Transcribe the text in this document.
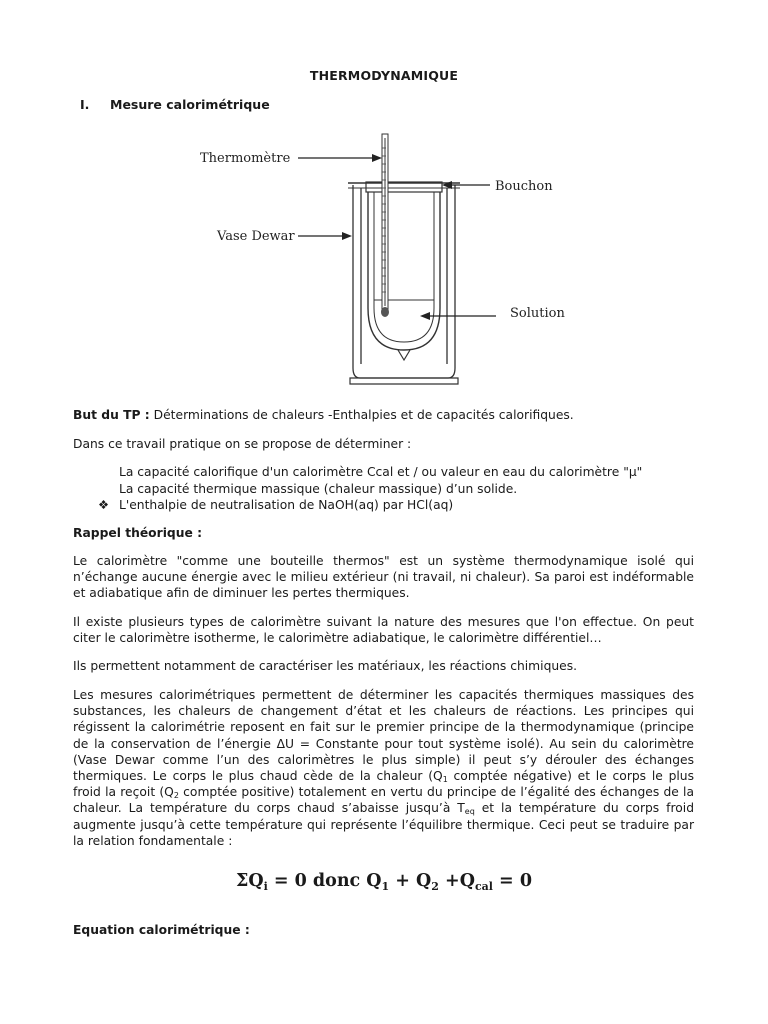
THERMODYNAMIQUE
I. Mesure calorimétrique
Thermomètre
Bouchon
Vase Dewar
Solution
But du TP : Déterminations de chaleurs -Enthalpies et de capacités calorifiques.
Dans ce travail pratique on se propose de déterminer :
La capacité calorifique d'un calorimètre Ccal et / ou valeur en eau du calorimètre "µ"
La capacité thermique massique (chaleur massique) d’un solide.
❖ L'enthalpie de neutralisation de NaOH(aq) par HCl(aq)
Rappel théorique :
Le calorimètre "comme une bouteille thermos" est un système thermodynamique isolé qui n’échange aucune énergie avec le milieu extérieur (ni travail, ni chaleur). Sa paroi est indéformable et adiabatique afin de diminuer les pertes thermiques.
Il existe plusieurs types de calorimètre suivant la nature des mesures que l'on effectue. On peut citer le calorimètre isotherme, le calorimètre adiabatique, le calorimètre différentiel…
Ils permettent notamment de caractériser les matériaux, les réactions chimiques.
Les mesures calorimétriques permettent de déterminer les capacités thermiques massiques des substances, les chaleurs de changement d’état et les chaleurs de réactions. Les principes qui régissent la calorimétrie reposent en fait sur le premier principe de la thermodynamique (principe de la conservation de l’énergie ΔU = Constante pour tout système isolé). Au sein du calorimètre (Vase Dewar comme l’un des calorimètres le plus simple) il peut s’y dérouler des échanges thermiques. Le corps le plus chaud cède de la chaleur ($Q_1$ comptée négative) et le corps le plus froid la reçoit ($Q_2$ comptée positive) totalement en vertu du principe de l’égalité des échanges de la chaleur. La température du corps chaud s’abaisse jusqu’à $T_{eq}$ et la température du corps froid augmente jusqu’à cette température qui représente l’équilibre thermique. Ceci peut se traduire par la relation fondamentale :
$\Sigma Q_i = 0$ donc $Q_1 + Q_2 +Q_{cal} = 0$
Equation calorimétrique :
